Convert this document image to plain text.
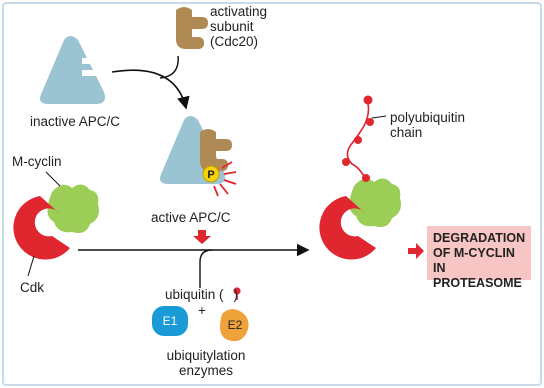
activating
subunit
(Cdc20)
inactive APC/C
active APC/C
M-cyclin
Cdk	ubiquitin ( )
+
E1	E2
ubiquitylation
enzymes
polyubiquitin
chain
P
DEGRADATION
OF M-CYCLIN IN
PROTEASOME
